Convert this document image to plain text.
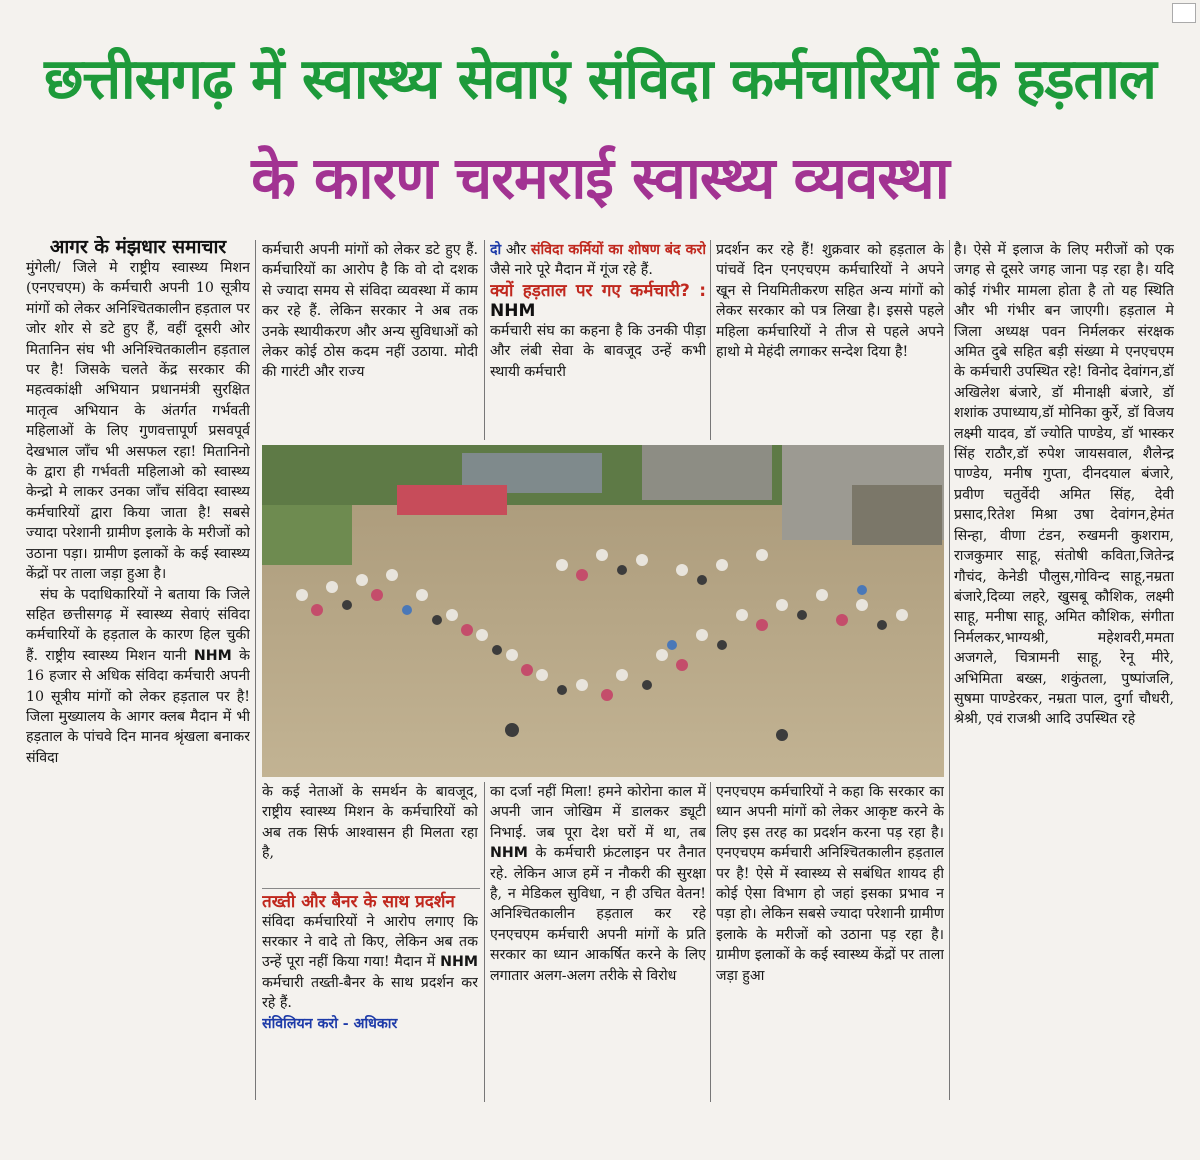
छत्तीसगढ़ में स्वास्थ्य सेवाएं संविदा कर्मचारियों के हड़ताल
के कारण चरमराई स्वास्थ्य व्यवस्था
आगर के मंझधार समाचार

मुंगेली/ जिले मे राष्ट्रीय स्वास्थ्य मिशन (एनएचएम) के कर्मचारी अपनी 10 सूत्रीय मांगों को लेकर अनिश्चितकालीन हड़ताल पर जोर शोर से डटे हुए हैं, वहीं दूसरी ओर मितानिन संघ भी अनिश्चितकालीन हड़ताल पर है! जिसके चलते केंद्र सरकार की महत्वकांक्षी अभियान प्रधानमंत्री सुरक्षित मातृत्व अभियान के अंतर्गत गर्भवती महिलाओं के लिए गुणवत्तापूर्ण प्रसवपूर्व देखभाल जाँच भी असफल रहा! मितानिनो के द्वारा ही गर्भवती महिलाओ को स्वास्थ्य केन्द्रो मे लाकर उनका जाँच संविदा स्वास्थ्य कर्मचारियों द्वारा किया जाता है! सबसे ज्यादा परेशानी ग्रामीण इलाके के मरीजों को उठाना पड़ा। ग्रामीण इलाकों के कई स्वास्थ्य केंद्रों पर ताला जड़ा हुआ है।

संघ के पदाधिकारियों ने बताया कि जिले सहित छत्तीसगढ़ में स्वास्थ्य सेवाएं संविदा कर्मचारियों के हड़ताल के कारण हिल चुकी हैं. राष्ट्रीय स्वास्थ्य मिशन यानी NHM के 16 हजार से अधिक संविदा कर्मचारी अपनी 10 सूत्रीय मांगों को लेकर हड़ताल पर है! जिला मुख्यालय के आगर क्लब मैदान में भी हड़ताल के पांचवे दिन मानव श्रृंखला बनाकर संविदा

कर्मचारी अपनी मांगों को लेकर डटे हुए हैं. कर्मचारियों का आरोप है कि वो दो दशक से ज्यादा समय से संविदा व्यवस्था में काम कर रहे हैं. लेकिन सरकार ने अब तक उनके स्थायीकरण और अन्य सुविधाओं को लेकर कोई ठोस कदम नहीं उठाया. मोदी की गारंटी और राज्य

दो और संविदा कर्मियों का शोषण बंद करो जैसे नारे पूरे मैदान में गूंज रहे हैं.

क्यों हड़ताल पर गए कर्मचारी? : NHM

कर्मचारी संघ का कहना है कि उनकी पीड़ा और लंबी सेवा के बावजूद उन्हें कभी स्थायी कर्मचारी

प्रदर्शन कर रहे हैं! शुक्रवार को हड़ताल के पांचवें दिन एनएचएम कर्मचारियों ने अपने खून से नियमितीकरण सहित अन्य मांगों को लेकर सरकार को पत्र लिखा है। इससे पहले महिला कर्मचारियों ने तीज से पहले अपने हाथो मे मेहंदी लगाकर सन्देश दिया है!

है। ऐसे में इलाज के लिए मरीजों को एक जगह से दूसरे जगह जाना पड़ रहा है। यदि कोई गंभीर मामला होता है तो यह स्थिति और भी गंभीर बन जाएगी। हड़ताल मे जिला अध्यक्ष पवन निर्मलकर संरक्षक अमित दुबे सहित बड़ी संख्या मे एनएचएम के कर्मचारी उपस्थित रहे! विनोद देवांगन,डॉ अखिलेश बंजारे, डॉ मीनाक्षी बंजारे, डॉ शशांक उपाध्याय,डॉ मोनिका कुर्रे, डॉ विजय लक्ष्मी यादव, डॉ ज्योति पाण्डेय, डॉ भास्कर सिंह राठौर,डॉ रुपेश जायसवाल, शैलेन्द्र पाण्डेय, मनीष गुप्ता, दीनदयाल बंजारे, प्रवीण चतुर्वेदी अमित सिंह, देवी प्रसाद,रितेश मिश्रा उषा देवांगन,हेमंत सिन्हा, वीणा टंडन, रुखमनी कुशराम, राजकुमार साहू, संतोषी कविता,जितेन्द्र गौचंद, केनेडी पौलुस,गोविन्द साहू,नम्रता बंजारे,दिव्या लहरे, खुसबू कौशिक, लक्ष्मी साहू, मनीषा साहू, अमित कौशिक, संगीता निर्मलकर,भाग्यश्री, महेशवरी,ममता अजगले, चित्रामनी साहू, रेनू मीरे, अभिमिता बख्स, शकुंतला, पुष्पांजलि, सुषमा पाण्डेरकर, नम्रता पाल, दुर्गा चौधरी, श्रेश्री, एवं राजश्री आदि उपस्थित रहे

के कई नेताओं के समर्थन के बावजूद, राष्ट्रीय स्वास्थ्य मिशन के कर्मचारियों को अब तक सिर्फ आश्वासन ही मिलता रहा है,

तख्ती और बैनर के साथ प्रदर्शन

संविदा कर्मचारियों ने आरोप लगाए कि सरकार ने वादे तो किए, लेकिन अब तक उन्हें पूरा नहीं किया गया! मैदान में NHM कर्मचारी तख्ती-बैनर के साथ प्रदर्शन कर रहे हैं.

संविलियन करो - अधिकार

का दर्जा नहीं मिला! हमने कोरोना काल में अपनी जान जोखिम में डालकर ड्यूटी निभाई. जब पूरा देश घरों में था, तब NHM के कर्मचारी फ्रंटलाइन पर तैनात रहे. लेकिन आज हमें न नौकरी की सुरक्षा है, न मेडिकल सुविधा, न ही उचित वेतन! अनिश्चितकालीन हड़ताल कर रहे एनएचएम कर्मचारी अपनी मांगों के प्रति सरकार का ध्यान आकर्षित करने के लिए लगातार अलग-अलग तरीके से विरोध

एनएचएम कर्मचारियों ने कहा कि सरकार का ध्यान अपनी मांगों को लेकर आकृष्ट करने के लिए इस तरह का प्रदर्शन करना पड़ रहा है। एनएचएम कर्मचारी अनिश्चितकालीन हड़ताल पर है! ऐसे में स्वास्थ्य से सबंधित शायद ही कोई ऐसा विभाग हो जहां इसका प्रभाव न पड़ा हो। लेकिन सबसे ज्यादा परेशानी ग्रामीण इलाके के मरीजों को उठाना पड़ रहा है। ग्रामीण इलाकों के कई स्वास्थ्य केंद्रों पर ताला जड़ा हुआ
